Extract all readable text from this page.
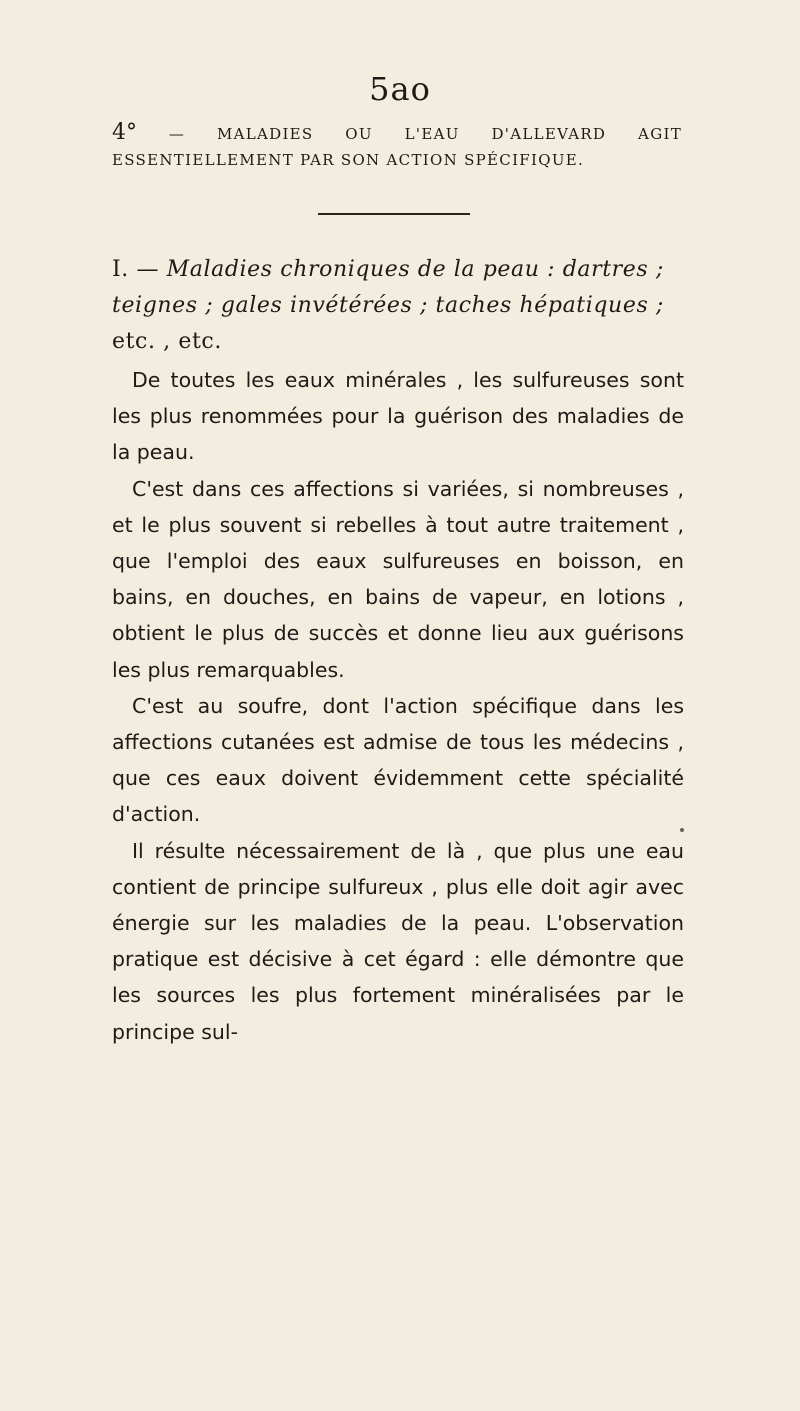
5ao
4° — MALADIES OU L'EAU D'ALLEVARD AGIT ESSENTIELLEMENT PAR SON ACTION SPÉCIFIQUE.
I. — Maladies chroniques de la peau : dartres ; teignes ; gales invétérées ; taches hépatiques ; etc. , etc.

De toutes les eaux minérales , les sulfureuses sont les plus renommées pour la guérison des maladies de la peau.

C'est dans ces affections si variées, si nombreuses , et le plus souvent si rebelles à tout autre traitement , que l'emploi des eaux sulfureuses en boisson, en bains, en douches, en bains de vapeur, en lotions , obtient le plus de succès et donne lieu aux guérisons les plus remarquables.

C'est au soufre, dont l'action spécifique dans les affections cutanées est admise de tous les médecins , que ces eaux doivent évidemment cette spécialité d'action.

Il résulte nécessairement de là , que plus une eau contient de principe sulfureux , plus elle doit agir avec énergie sur les maladies de la peau. L'observation pratique est décisive à cet égard : elle démontre que les sources les plus fortement minéralisées par le principe sul-
